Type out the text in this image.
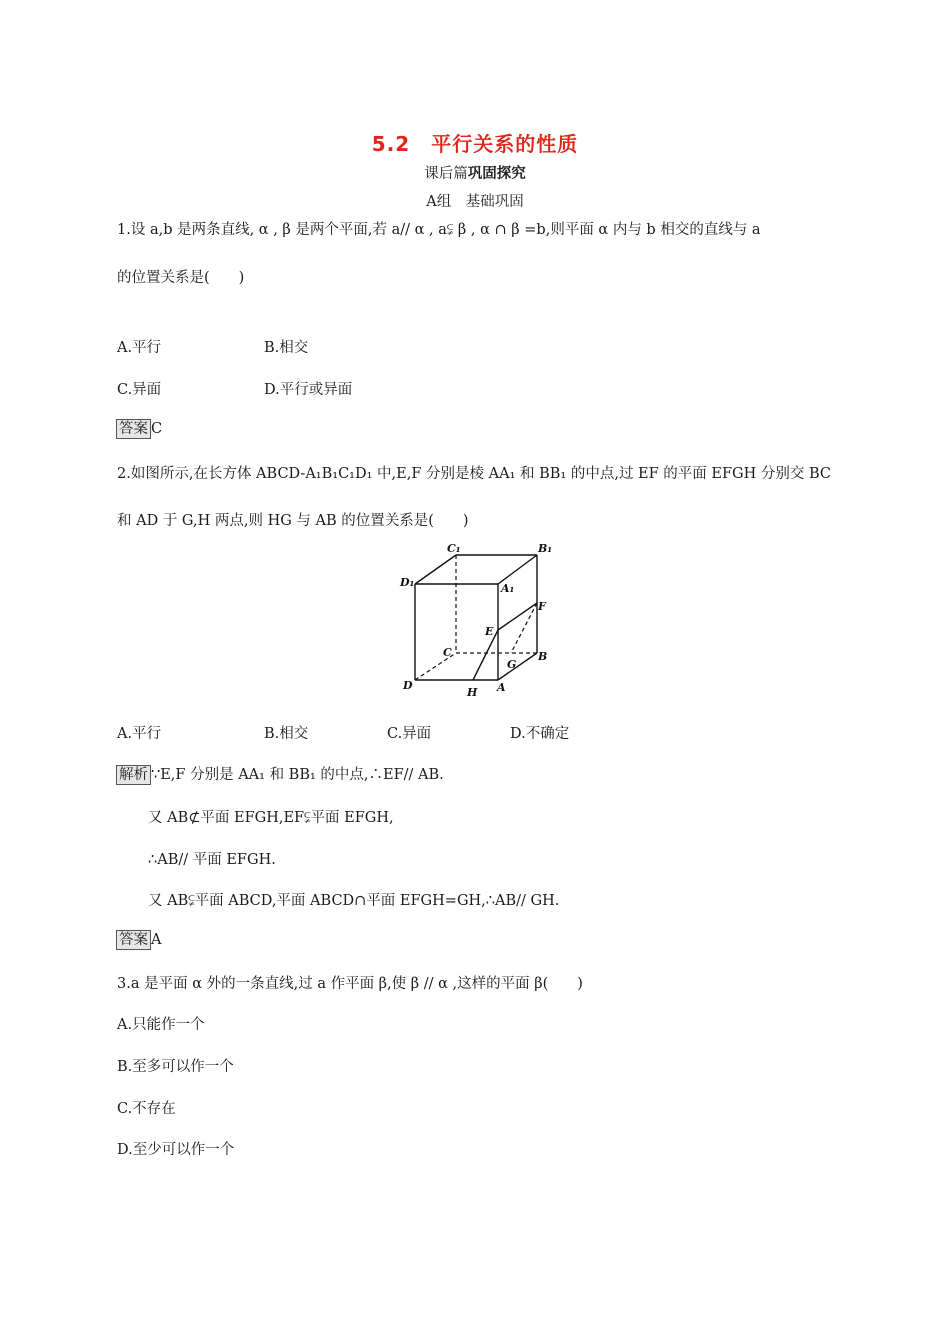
5.2　平行关系的性质
课后篇巩固探究
A组　基础巩固
1.设 a,b 是两条直线, α , β 是两个平面,若 a// α , a⫋ β , α ∩ β =b,则平面 α 内与 b 相交的直线与 a
的位置关系是(　　)
A.平行	B.相交
C.异面	D.平行或异面
答案 C
2.如图所示,在长方体 ABCD-A₁B₁C₁D₁ 中,E,F 分别是棱 AA₁ 和 BB₁ 的中点,过 EF 的平面 EFGH 分别交 BC
和 AD 于 G,H 两点,则 HG 与 AB 的位置关系是(　　)
C₁	B₁
D₁	A₁
F
E
C
G
B
D
H A
A.平行	B.相交	C.异面	D.不确定
解析 ∵E,F 分别是 AA₁ 和 BB₁ 的中点,∴EF// AB.
又 AB⊄平面 EFGH,EF⫋平面 EFGH,
∴AB// 平面 EFGH.
又 AB⫋平面 ABCD,平面 ABCD∩平面 EFGH=GH,∴AB// GH.
答案 A
3.a 是平面 α 外的一条直线,过 a 作平面 β,使 β // α ,这样的平面 β(　　)
A.只能作一个
B.至多可以作一个
C.不存在
D.至少可以作一个
